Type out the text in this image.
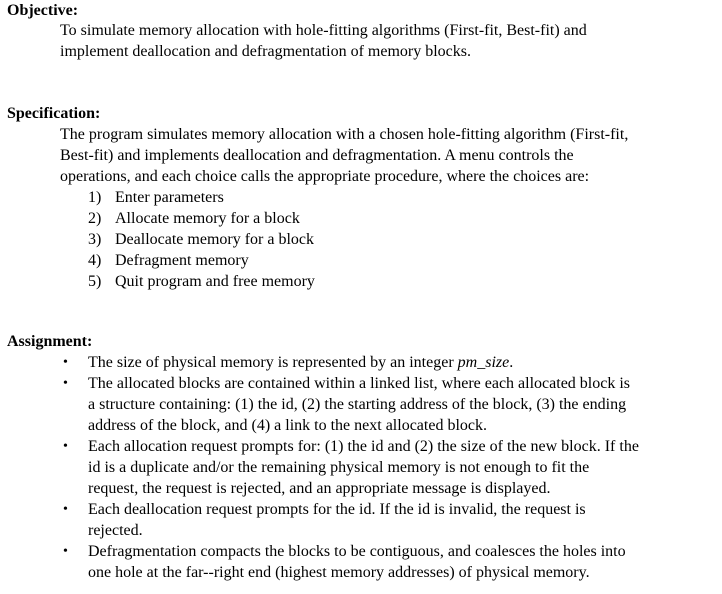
Objective:
To simulate memory allocation with hole-fitting algorithms (First-fit, Best-fit) and
implement deallocation and defragmentation of memory blocks.
Specification:
The program simulates memory allocation with a chosen hole-fitting algorithm (First-fit,
Best-fit) and implements deallocation and defragmentation. A menu controls the
operations, and each choice calls the appropriate procedure, where the choices are:
1) Enter parameters
2) Allocate memory for a block
3) Deallocate memory for a block
4) Defragment memory
5) Quit program and free memory
Assignment:
• The size of physical memory is represented by an integer pm_size.
• The allocated blocks are contained within a linked list, where each allocated block is
a structure containing: (1) the id, (2) the starting address of the block, (3) the ending
address of the block, and (4) a link to the next allocated block.
• Each allocation request prompts for: (1) the id and (2) the size of the new block. If the
id is a duplicate and/or the remaining physical memory is not enough to fit the
request, the request is rejected, and an appropriate message is displayed.
• Each deallocation request prompts for the id. If the id is invalid, the request is
rejected.
• Defragmentation compacts the blocks to be contiguous, and coalesces the holes into
one hole at the far--right end (highest memory addresses) of physical memory.
